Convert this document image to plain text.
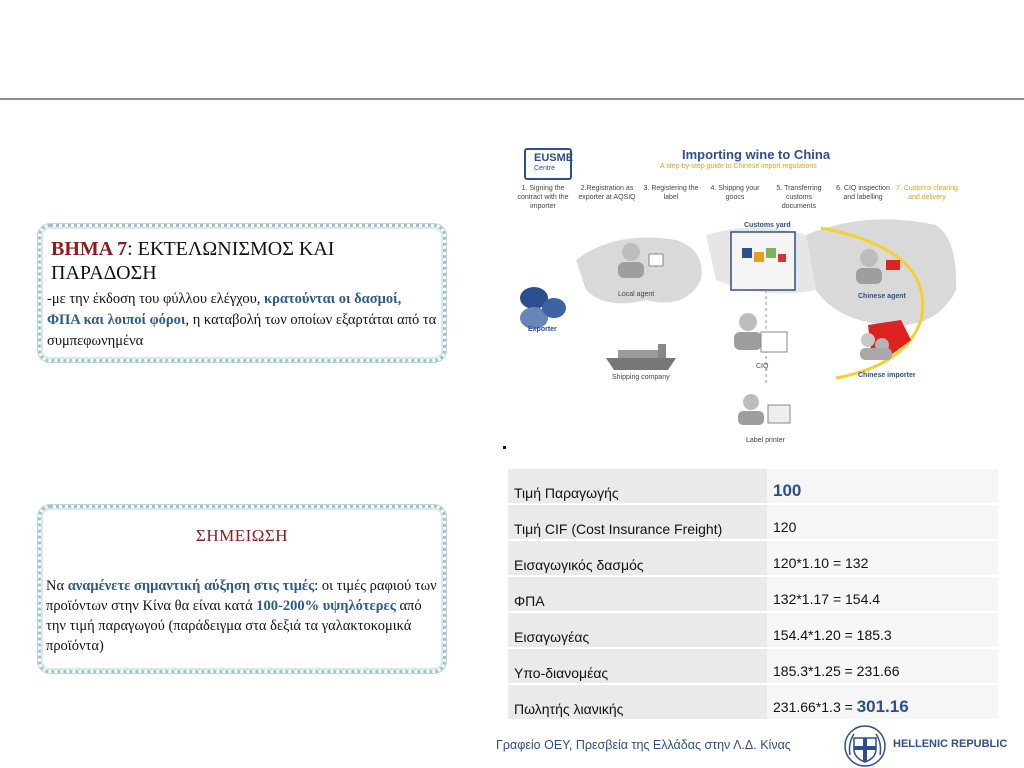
ΒΗΜΑ 7: ΕΚΤΕΛΩΝΙΣΜΟΣ ΚΑΙ ΠΑΡΑΔΟΣΗ
-με την έκδοση του φύλλου ελέγχου, κρατούνται οι δασμοί, ΦΠΑ και λοιποί φόροι, η καταβολή των οποίων εξαρτάται από τα συμπεφωνημένα
ΣΗΜΕΙΩΣΗ
Να αναμένετε σημαντική αύξηση στις τιμές: οι τιμές ραφιού των προϊόντων στην Κίνα θα είναι κατά 100-200% υψηλότερες από την τιμή παραγωγού (παράδειγμα στα δεξιά τα γαλακτοκομικά προϊόντα)
EUSME
Centre
Importing wine to China
A step-by-step guide to Chinese import regulations
1. Signing the contract with the importer
2.Registration as exporter at AQSIQ
3. Registering the label
4. Shippng your goocs
5. Transferring customs documents
6. CIQ inspection and labelling
7. Customs clearing and delivery
Customs yard
Local agent
Exporter
Shipping company
CIQ
Chinese agent
Chinese importer
Label printer
Τιμή Παραγωγής	100
Τιμή CIF (Cost Insurance Freight)	120
Εισαγωγικός δασμός	120*1.10 = 132
ΦΠΑ	132*1.17 = 154.4
Εισαγωγέας	154.4*1.20 = 185.3
Υπο-διανομέας	185.3*1.25 = 231.66
Πωλητής λιανικής	231.66*1.3 = 301.16
Γραφείο ΟΕΥ, Πρεσβεία της Ελλάδας στην Λ.Δ. Κίνας	HELLENIC REPUBLIC
